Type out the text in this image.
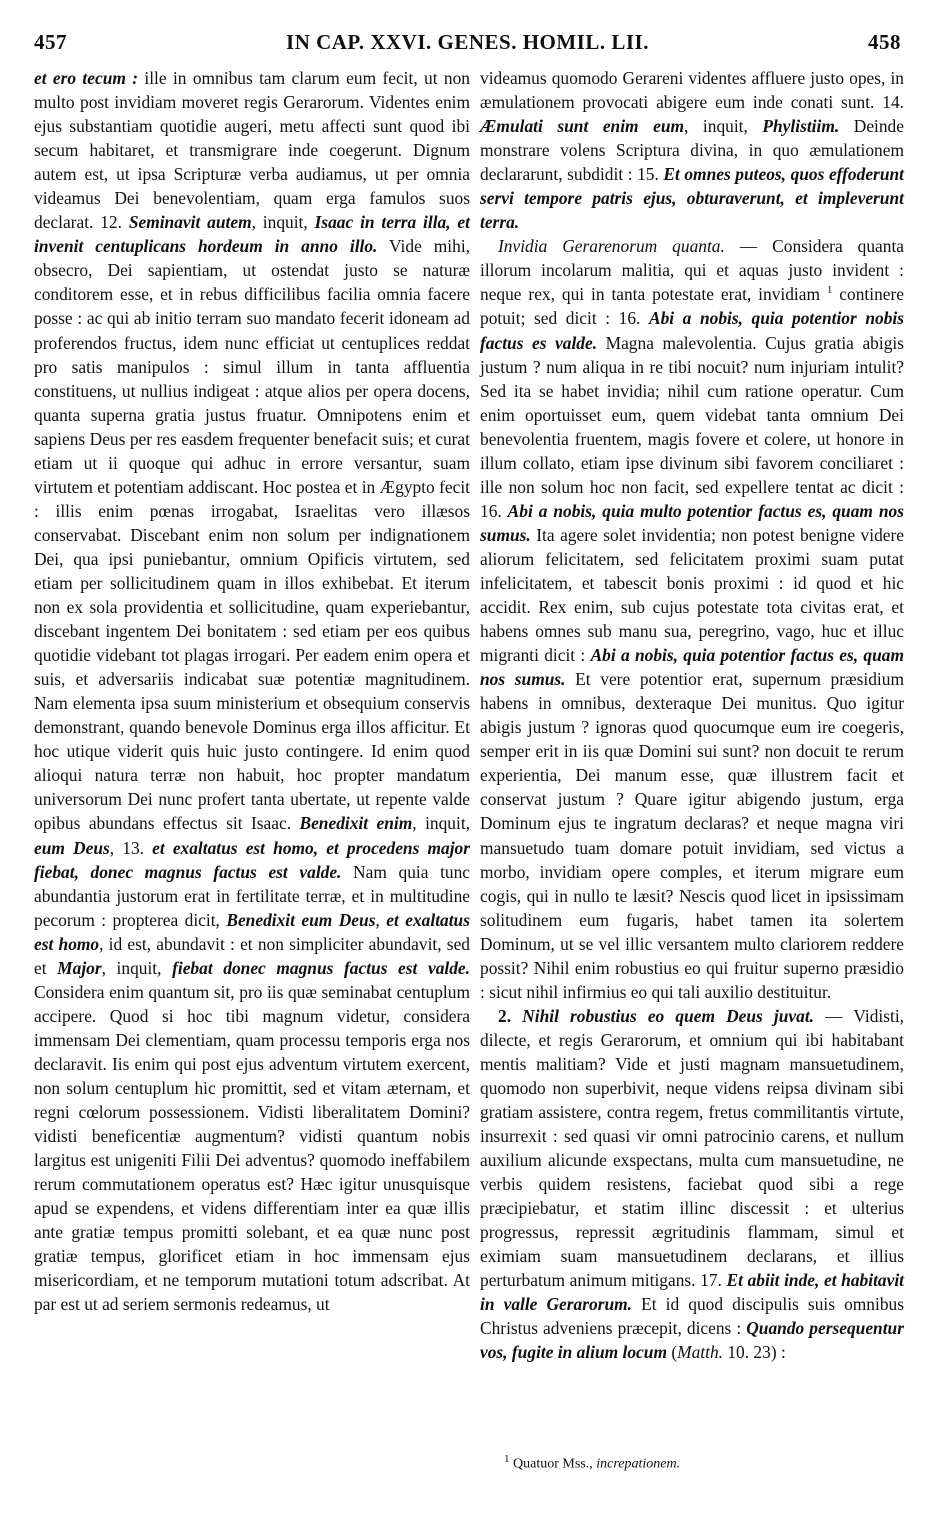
457	IN CAP. XXVI. GENES. HOMIL. LII.	458

et ero tecum : ille in omnibus tam clarum eum fecit, ut non multo post invidiam moveret regis Gerarorum. Videntes enim ejus substantiam quotidie augeri, metu affecti sunt quod ibi secum habitaret, et transmigrare inde coegerunt. Dignum autem est, ut ipsa Scripturæ verba audiamus, ut per omnia videamus Dei benevolentiam, quam erga famulos suos declarat. 12. Seminavit autem, inquit, Isaac in terra illa, et invenit centuplicans hordeum in anno illo. Vide mihi, obsecro, Dei sapientiam, ut ostendat justo se naturæ conditorem esse, et in rebus difficilibus facilia omnia facere posse : ac qui ab initio terram suo mandato fecerit idoneam ad proferendos fructus, idem nunc efficiat ut centuplices reddat pro satis manipulos : simul illum in tanta affluentia constituens, ut nullius indigeat : atque alios per opera docens, quanta superna gratia justus fruatur. Omnipotens enim et sapiens Deus per res easdem frequenter benefacit suis; et curat etiam ut ii quoque qui adhuc in errore versantur, suam virtutem et potentiam addiscant. Hoc postea et in Ægypto fecit : illis enim pœnas irrogabat, Israelitas vero illæsos conservabat. Discebant enim non solum per indignationem Dei, qua ipsi puniebantur, omnium Opificis virtutem, sed etiam per sollicitudinem quam in illos exhibebat. Et iterum non ex sola providentia et sollicitudine, quam experiebantur, discebant ingentem Dei bonitatem : sed etiam per eos quibus quotidie videbant tot plagas irrogari. Per eadem enim opera et suis, et adversariis indicabat suæ potentiæ magnitudinem. Nam elementa ipsa suum ministerium et obsequium conservis demonstrant, quando benevole Dominus erga illos afficitur. Et hoc utique viderit quis huic justo contingere. Id enim quod alioqui natura terræ non habuit, hoc propter mandatum universorum Dei nunc profert tanta ubertate, ut repente valde opibus abundans effectus sit Isaac. Benedixit enim, inquit, eum Deus, 13. et exaltatus est homo, et procedens major fiebat, donec magnus factus est valde. Nam quia tunc abundantia justorum erat in fertilitate terræ, et in multitudine pecorum : propterea dicit, Benedixit eum Deus, et exaltatus est homo, id est, abundavit : et non simpliciter abundavit, sed et Major, inquit, fiebat donec magnus factus est valde. Considera enim quantum sit, pro iis quæ seminabat centuplum accipere. Quod si hoc tibi magnum videtur, considera immensam Dei clementiam, quam processu temporis erga nos declaravit. Iis enim qui post ejus adventum virtutem exercent, non solum centuplum hic promittit, sed et vitam æternam, et regni cœlorum possessionem. Vidisti liberalitatem Domini? vidisti beneficentiæ augmentum? vidisti quantum nobis largitus est unigeniti Filii Dei adventus? quomodo ineffabilem rerum commutationem operatus est? Hæc igitur unusquisque apud se expendens, et videns differentiam inter ea quæ illis ante gratiæ tempus promitti solebant, et ea quæ nunc post gratiæ tempus, glorificet etiam in hoc immensam ejus misericordiam, et ne temporum mutationi totum adscribat. At par est ut ad seriem sermonis redeamus, ut

videamus quomodo Gerareni videntes affluere justo opes, in æmulationem provocati abigere eum inde conati sunt. 14. Æmulati sunt enim eum, inquit, Phylistiim. Deinde monstrare volens Scriptura divina, in quo æmulationem declararunt, subdidit : 15. Et omnes puteos, quos effoderunt servi tempore patris ejus, obturaverunt, et impleverunt terra.

Invidia Gerarenorum quanta. — Considera quanta illorum incolarum malitia, qui et aquas justo invident : neque rex, qui in tanta potestate erat, invidiam $^1$ continere potuit; sed dicit : 16. Abi a nobis, quia potentior nobis factus es valde. Magna malevolentia. Cujus gratia abigis justum ? num aliqua in re tibi nocuit? num injuriam intulit? Sed ita se habet invidia; nihil cum ratione operatur. Cum enim oportuisset eum, quem videbat tanta omnium Dei benevolentia fruentem, magis fovere et colere, ut honore in illum collato, etiam ipse divinum sibi favorem conciliaret : ille non solum hoc non facit, sed expellere tentat ac dicit : 16. Abi a nobis, quia multo potentior factus es, quam nos sumus. Ita agere solet invidentia; non potest benigne videre aliorum felicitatem, sed felicitatem proximi suam putat infelicitatem, et tabescit bonis proximi : id quod et hic accidit. Rex enim, sub cujus potestate tota civitas erat, et habens omnes sub manu sua, peregrino, vago, huc et illuc migranti dicit : Abi a nobis, quia potentior factus es, quam nos sumus. Et vere potentior erat, supernum præsidium habens in omnibus, dexteraque Dei munitus. Quo igitur abigis justum ? ignoras quod quocumque eum ire coegeris, semper erit in iis quæ Domini sui sunt? non docuit te rerum experientia, Dei manum esse, quæ illustrem facit et conservat justum ? Quare igitur abigendo justum, erga Dominum ejus te ingratum declaras? et neque magna viri mansuetudo tuam domare potuit invidiam, sed victus a morbo, invidiam opere comples, et iterum migrare eum cogis, qui in nullo te læsit? Nescis quod licet in ipsissimam solitudinem eum fugaris, habet tamen ita solertem Dominum, ut se vel illic versantem multo clariorem reddere possit? Nihil enim robustius eo qui fruitur superno præsidio : sicut nihil infirmius eo qui tali auxilio destituitur.

2. Nihil robustius eo quem Deus juvat. — Vidisti, dilecte, et regis Gerarorum, et omnium qui ibi habitabant mentis malitiam? Vide et justi magnam mansuetudinem, quomodo non superbivit, neque videns reipsa divinam sibi gratiam assistere, contra regem, fretus commilitantis virtute, insurrexit : sed quasi vir omni patrocinio carens, et nullum auxilium alicunde exspectans, multa cum mansuetudine, ne verbis quidem resistens, faciebat quod sibi a rege præcipiebatur, et statim illinc discessit : et ulterius progressus, repressit ægritudinis flammam, simul et eximiam suam mansuetudinem declarans, et illius perturbatum animum mitigans. 17. Et abiit inde, et habitavit in valle Gerarorum. Et id quod discipulis suis omnibus Christus adveniens præcepit, dicens : Quando persequentur vos, fugite in alium locum (Matth. 10. 23) :

$^1$ Quatuor Mss., increpationem.
